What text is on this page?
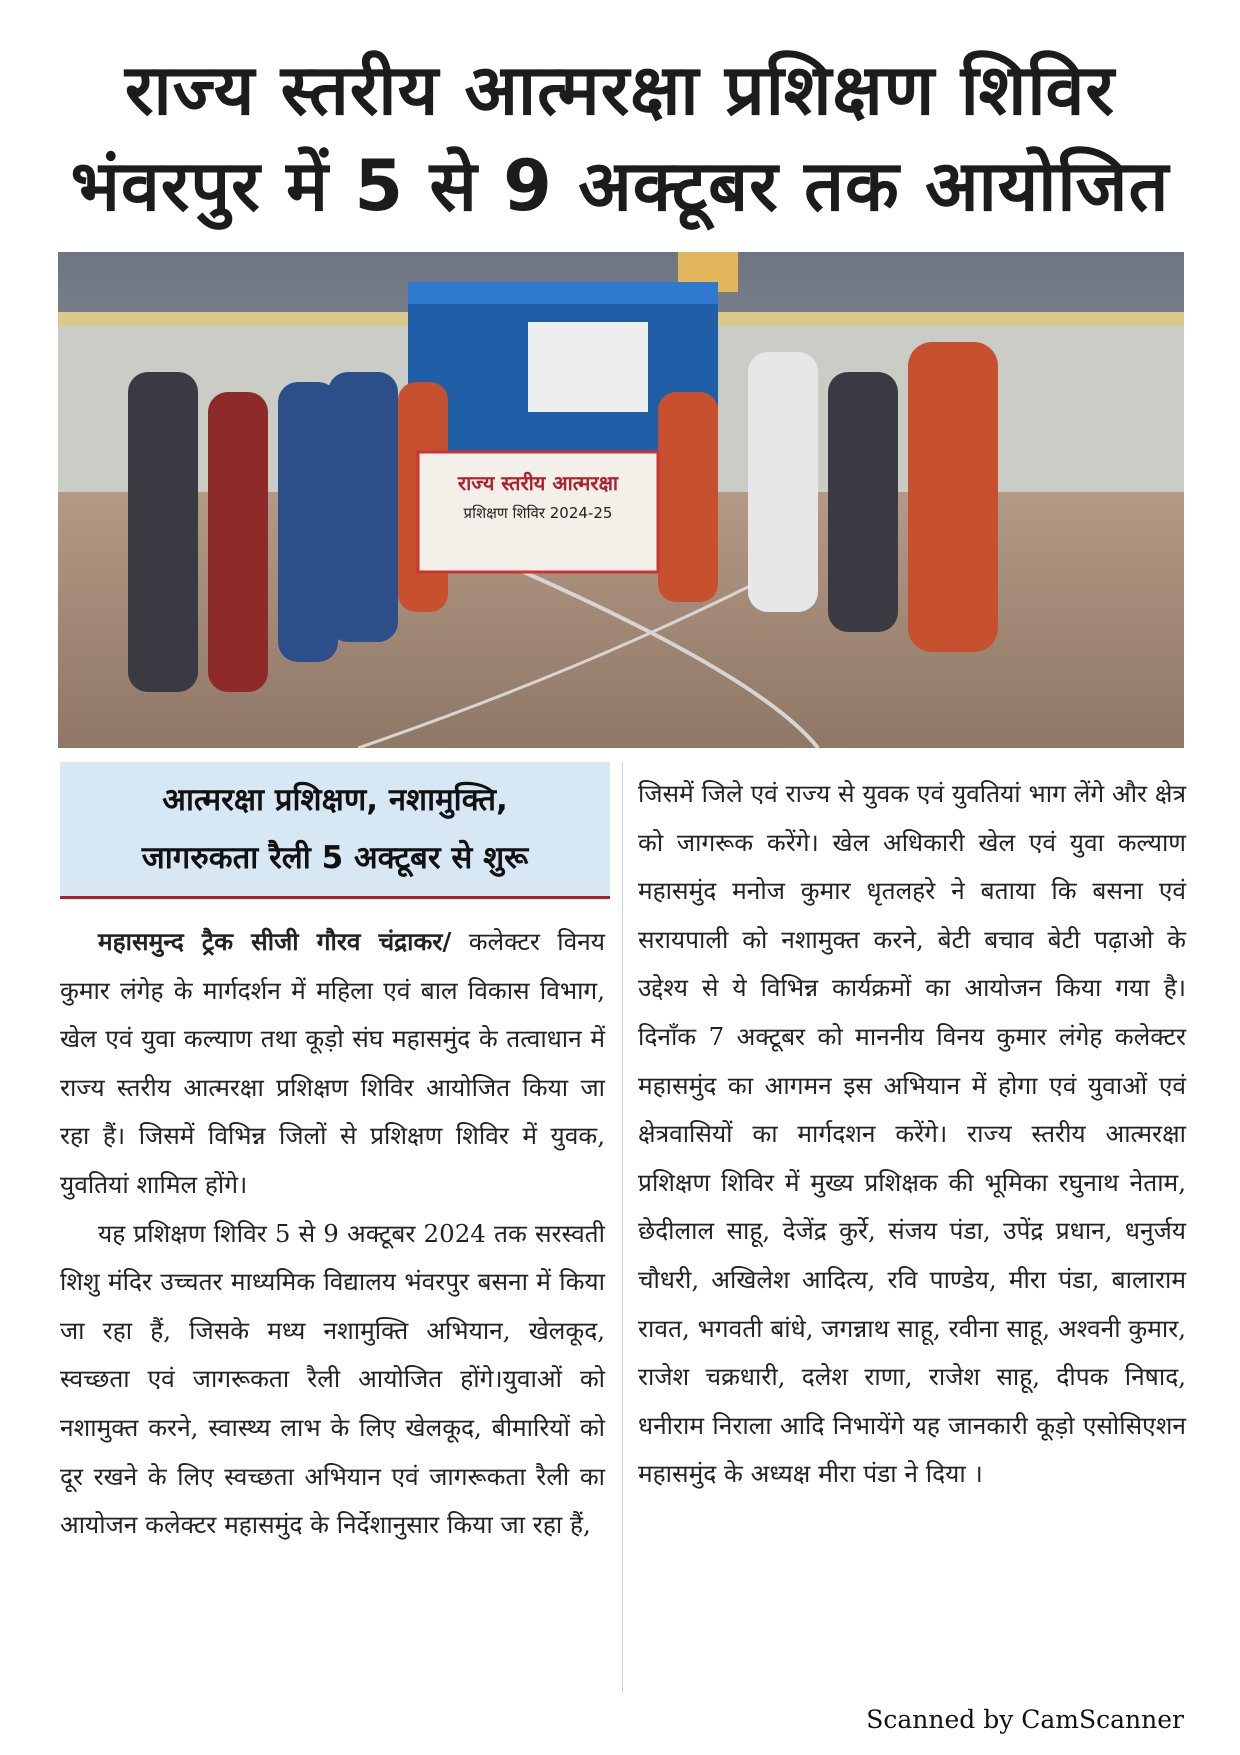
राज्य स्तरीय आत्मरक्षा प्रशिक्षण शिविर
भंवरपुर में 5 से 9 अक्टूबर तक आयोजित
राज्य स्तरीय आत्मरक्षा
प्रशिक्षण शिविर 2024-25
आत्मरक्षा प्रशिक्षण, नशामुक्ति,
जागरुकता रैली 5 अक्टूबर से शुरू

महासमुन्द ट्रैक सीजी गौरव चंद्राकर/ कलेक्टर विनय कुमार लंगेह के मार्गदर्शन में महिला एवं बाल विकास विभाग, खेल एवं युवा कल्याण तथा कूड़ो संघ महासमुंद के तत्वाधान में राज्य स्तरीय आत्मरक्षा प्रशिक्षण शिविर आयोजित किया जा रहा हैं। जिसमें विभिन्न जिलों से प्रशिक्षण शिविर में युवक, युवतियां शामिल होंगे।

यह प्रशिक्षण शिविर 5 से 9 अक्टूबर 2024 तक सरस्वती शिशु मंदिर उच्चतर माध्यमिक विद्यालय भंवरपुर बसना में किया जा रहा हैं, जिसके मध्य नशामुक्ति अभियान, खेलकूद, स्वच्छता एवं जागरूकता रैली आयोजित होंगे।युवाओं को नशामुक्त करने, स्वास्थ्य लाभ के लिए खेलकूद, बीमारियों को दूर रखने के लिए स्वच्छता अभियान एवं जागरूकता रैली का आयोजन कलेक्टर महासमुंद के निर्देशानुसार किया जा रहा हैं,

जिसमें जिले एवं राज्य से युवक एवं युवतियां भाग लेंगे और क्षेत्र को जागरूक करेंगे। खेल अधिकारी खेल एवं युवा कल्याण महासमुंद मनोज कुमार धृतलहरे ने बताया कि बसना एवं सरायपाली को नशामुक्त करने, बेटी बचाव बेटी पढ़ाओ के उद्देश्य से ये विभिन्न कार्यक्रमों का आयोजन किया गया है। दिनाँक 7 अक्टूबर को माननीय विनय कुमार लंगेह कलेक्टर महासमुंद का आगमन इस अभियान में होगा एवं युवाओं एवं क्षेत्रवासियों का मार्गदशन करेंगे। राज्य स्तरीय आत्मरक्षा प्रशिक्षण शिविर में मुख्य प्रशिक्षक की भूमिका रघुनाथ नेताम, छेदीलाल साहू, देजेंद्र कुर्रे, संजय पंडा, उपेंद्र प्रधान, धनुर्जय चौधरी, अखिलेश आदित्य, रवि पाण्डेय, मीरा पंडा, बालाराम रावत, भगवती बांधे, जगन्नाथ साहू, रवीना साहू, अश्वनी कुमार, राजेश चक्रधारी, दलेश राणा, राजेश साहू, दीपक निषाद, धनीराम निराला आदि निभायेंगे यह जानकारी कूड़ो एसोसिएशन महासमुंद के अध्यक्ष मीरा पंडा ने दिया ।

Scanned by CamScanner
